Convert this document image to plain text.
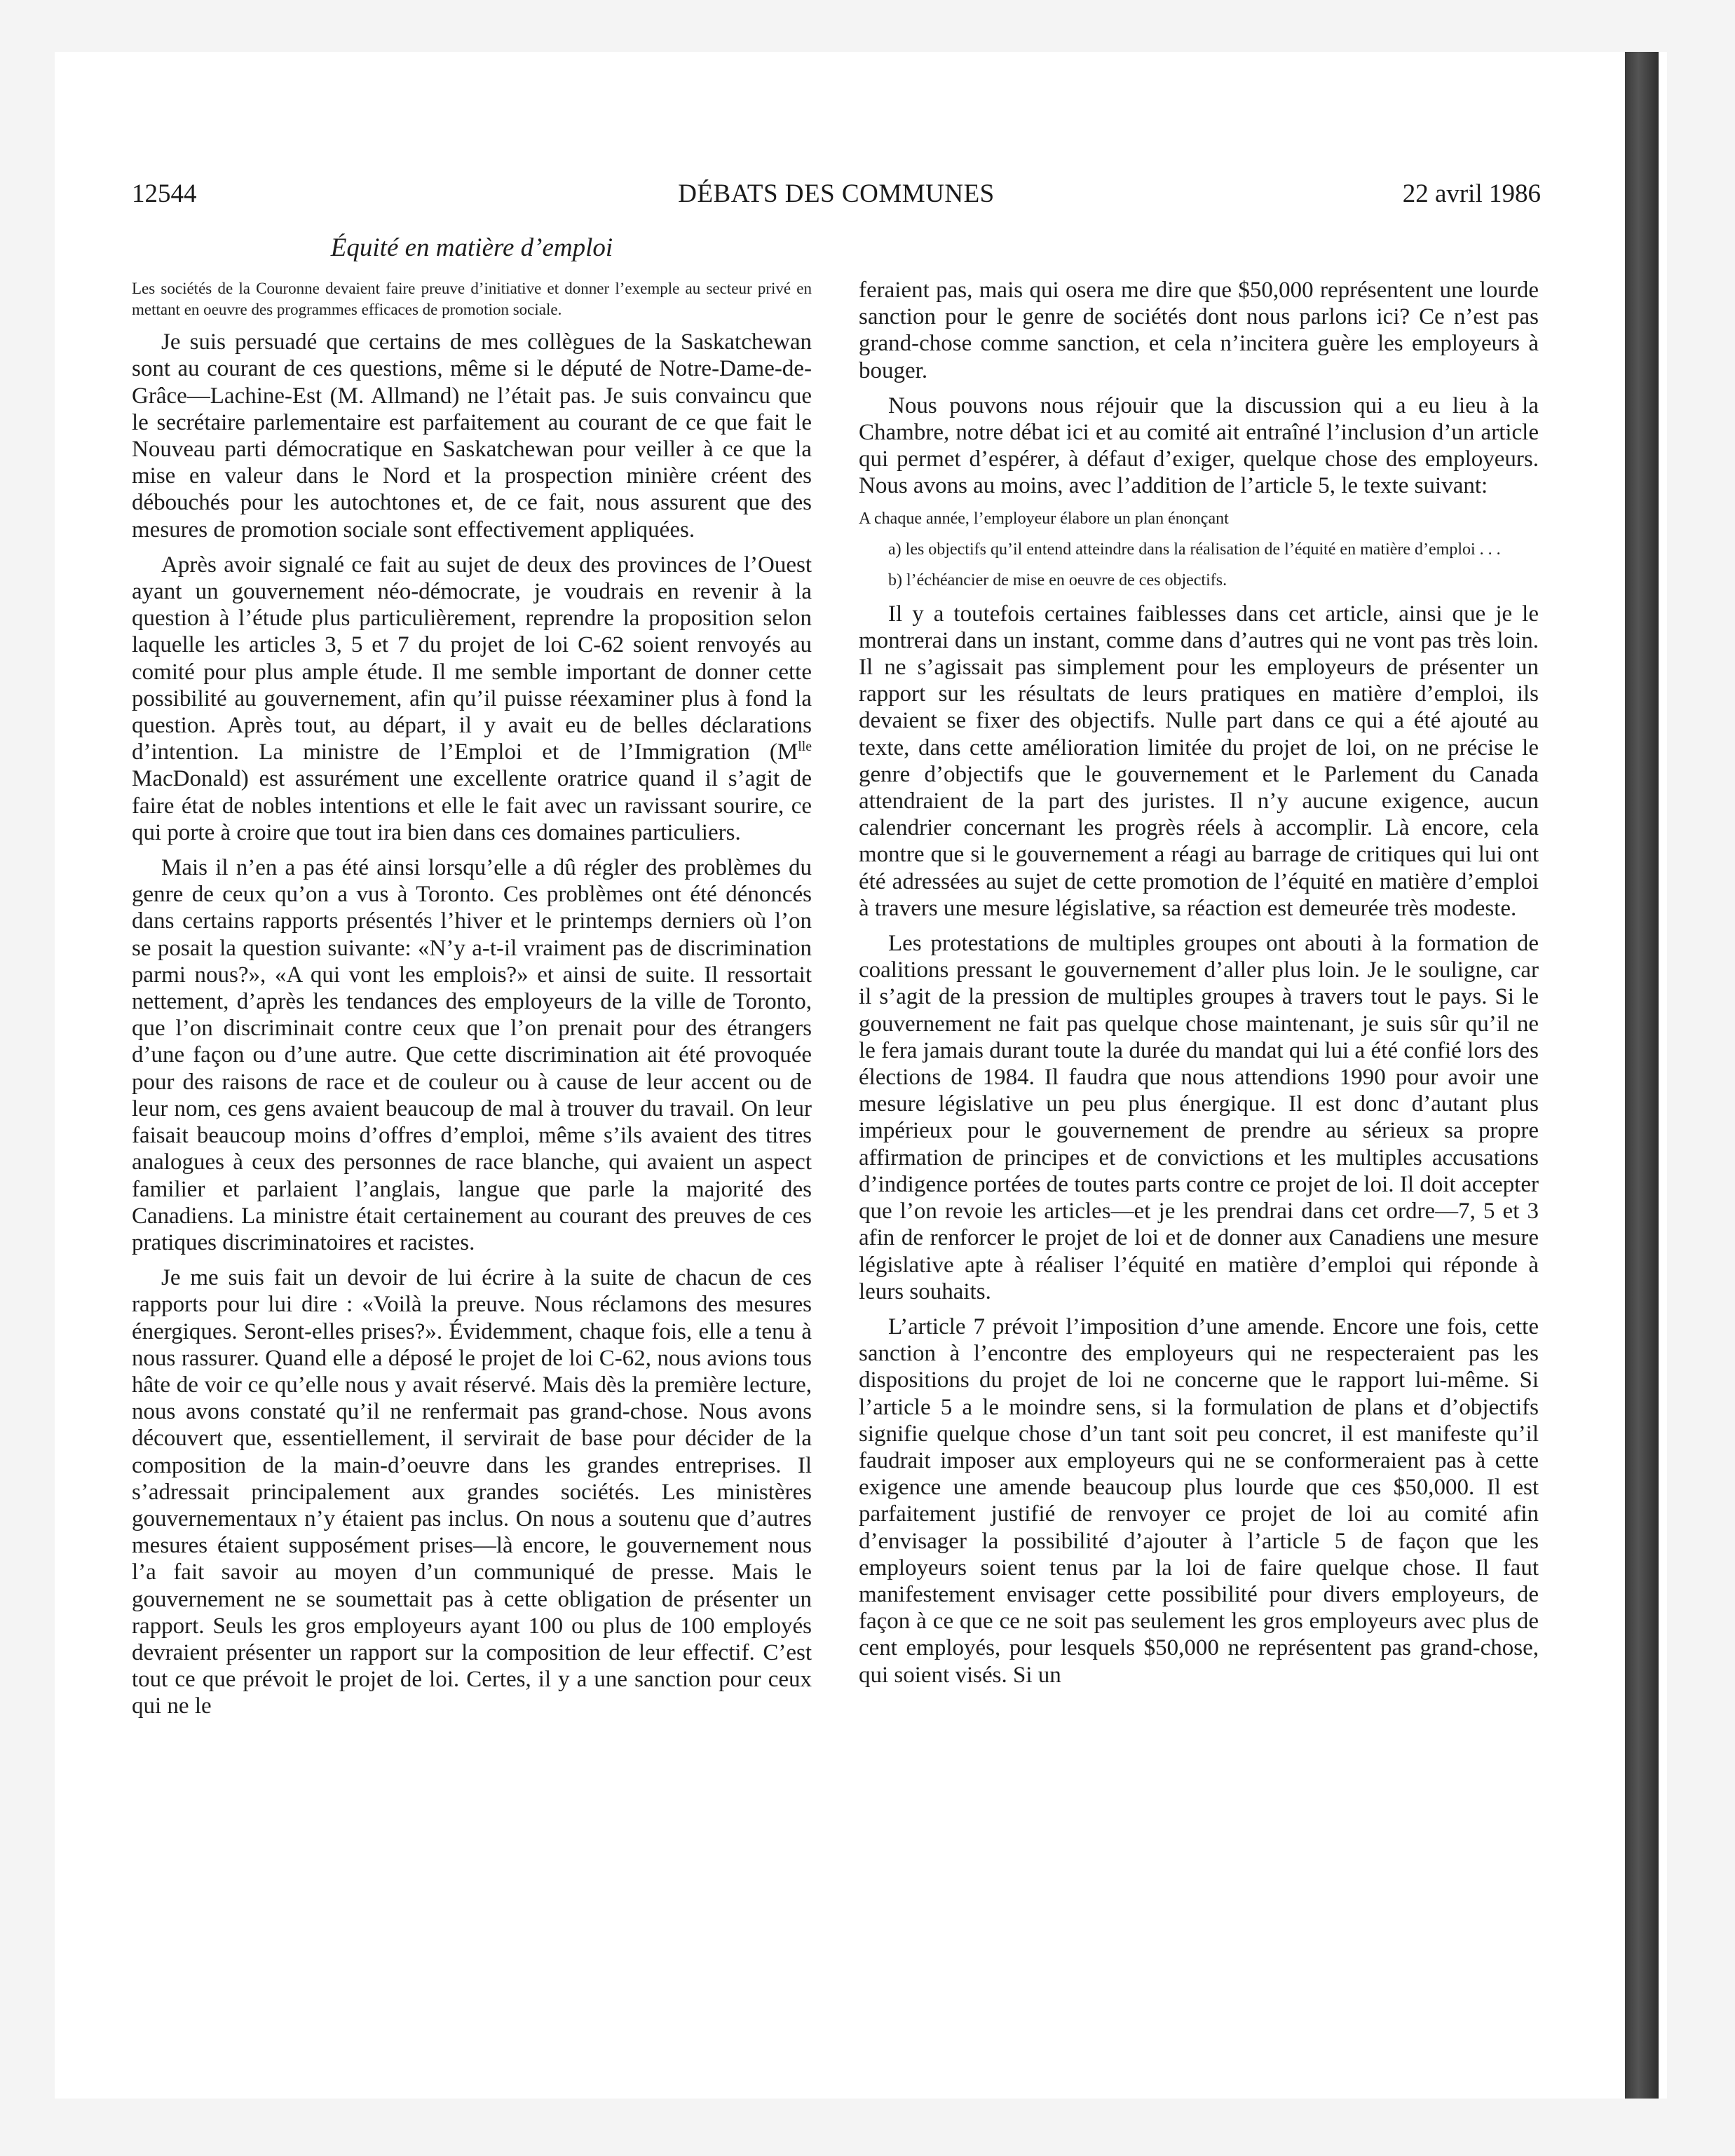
12544	DÉBATS DES COMMUNES	22 avril 1986
Équité en matière d’emploi
Les sociétés de la Couronne devaient faire preuve d’initiative et donner l’exemple au secteur privé en mettant en oeuvre des programmes efficaces de promotion sociale.

Je suis persuadé que certains de mes collègues de la Saskatchewan sont au courant de ces questions, même si le député de Notre-Dame-de-Grâce—Lachine-Est (M. Allmand) ne l’était pas. Je suis convaincu que le secrétaire parlementaire est parfaitement au courant de ce que fait le Nouveau parti démocratique en Saskatchewan pour veiller à ce que la mise en valeur dans le Nord et la prospection minière créent des débouchés pour les autochtones et, de ce fait, nous assurent que des mesures de promotion sociale sont effectivement appliquées.

Après avoir signalé ce fait au sujet de deux des provinces de l’Ouest ayant un gouvernement néo-démocrate, je voudrais en revenir à la question à l’étude plus particulièrement, reprendre la proposition selon laquelle les articles 3, 5 et 7 du projet de loi C-62 soient renvoyés au comité pour plus ample étude. Il me semble important de donner cette possibilité au gouvernement, afin qu’il puisse réexaminer plus à fond la question. Après tout, au départ, il y avait eu de belles déclarations d’intention. La ministre de l’Emploi et de l’Immigration ($M^{lle}$ MacDonald) est assurément une excellente oratrice quand il s’agit de faire état de nobles intentions et elle le fait avec un ravissant sourire, ce qui porte à croire que tout ira bien dans ces domaines particuliers.

Mais il n’en a pas été ainsi lorsqu’elle a dû régler des problèmes du genre de ceux qu’on a vus à Toronto. Ces problèmes ont été dénoncés dans certains rapports présentés l’hiver et le printemps derniers où l’on se posait la question suivante: «N’y a-t-il vraiment pas de discrimination parmi nous?», «A qui vont les emplois?» et ainsi de suite. Il ressortait nettement, d’après les tendances des employeurs de la ville de Toronto, que l’on discriminait contre ceux que l’on prenait pour des étrangers d’une façon ou d’une autre. Que cette discrimination ait été provoquée pour des raisons de race et de couleur ou à cause de leur accent ou de leur nom, ces gens avaient beaucoup de mal à trouver du travail. On leur faisait beaucoup moins d’offres d’emploi, même s’ils avaient des titres analogues à ceux des personnes de race blanche, qui avaient un aspect familier et parlaient l’anglais, langue que parle la majorité des Canadiens. La ministre était certainement au courant des preuves de ces pratiques discriminatoires et racistes.

Je me suis fait un devoir de lui écrire à la suite de chacun de ces rapports pour lui dire : «Voilà la preuve. Nous réclamons des mesures énergiques. Seront-elles prises?». Évidemment, chaque fois, elle a tenu à nous rassurer. Quand elle a déposé le projet de loi C-62, nous avions tous hâte de voir ce qu’elle nous y avait réservé. Mais dès la première lecture, nous avons constaté qu’il ne renfermait pas grand-chose. Nous avons découvert que, essentiellement, il servirait de base pour décider de la composition de la main-d’oeuvre dans les grandes entreprises. Il s’adressait principalement aux grandes sociétés. Les ministères gouvernementaux n’y étaient pas inclus. On nous a soutenu que d’autres mesures étaient supposément prises—là encore, le gouvernement nous l’a fait savoir au moyen d’un communiqué de presse. Mais le gouvernement ne se soumettait pas à cette obligation de présenter un rapport. Seuls les gros employeurs ayant 100 ou plus de 100 employés devraient présenter un rapport sur la composition de leur effectif. C’est tout ce que prévoit le projet de loi. Certes, il y a une sanction pour ceux qui ne le

feraient pas, mais qui osera me dire que $50,000 représentent une lourde sanction pour le genre de sociétés dont nous parlons ici? Ce n’est pas grand-chose comme sanction, et cela n’incitera guère les employeurs à bouger.

Nous pouvons nous réjouir que la discussion qui a eu lieu à la Chambre, notre débat ici et au comité ait entraîné l’inclusion d’un article qui permet d’espérer, à défaut d’exiger, quelque chose des employeurs. Nous avons au moins, avec l’addition de l’article 5, le texte suivant:

A chaque année, l’employeur élabore un plan énonçant
a) les objectifs qu’il entend atteindre dans la réalisation de l’équité en matière d’emploi . . .
b) l’échéancier de mise en oeuvre de ces objectifs.

Il y a toutefois certaines faiblesses dans cet article, ainsi que je le montrerai dans un instant, comme dans d’autres qui ne vont pas très loin. Il ne s’agissait pas simplement pour les employeurs de présenter un rapport sur les résultats de leurs pratiques en matière d’emploi, ils devaient se fixer des objectifs. Nulle part dans ce qui a été ajouté au texte, dans cette amélioration limitée du projet de loi, on ne précise le genre d’objectifs que le gouvernement et le Parlement du Canada attendraient de la part des juristes. Il n’y aucune exigence, aucun calendrier concernant les progrès réels à accomplir. Là encore, cela montre que si le gouvernement a réagi au barrage de critiques qui lui ont été adressées au sujet de cette promotion de l’équité en matière d’emploi à travers une mesure législative, sa réaction est demeurée très modeste.

Les protestations de multiples groupes ont abouti à la formation de coalitions pressant le gouvernement d’aller plus loin. Je le souligne, car il s’agit de la pression de multiples groupes à travers tout le pays. Si le gouvernement ne fait pas quelque chose maintenant, je suis sûr qu’il ne le fera jamais durant toute la durée du mandat qui lui a été confié lors des élections de 1984. Il faudra que nous attendions 1990 pour avoir une mesure législative un peu plus énergique. Il est donc d’autant plus impérieux pour le gouvernement de prendre au sérieux sa propre affirmation de principes et de convictions et les multiples accusations d’indigence portées de toutes parts contre ce projet de loi. Il doit accepter que l’on revoie les articles—et je les prendrai dans cet ordre—7, 5 et 3 afin de renforcer le projet de loi et de donner aux Canadiens une mesure législative apte à réaliser l’équité en matière d’emploi qui réponde à leurs souhaits.

L’article 7 prévoit l’imposition d’une amende. Encore une fois, cette sanction à l’encontre des employeurs qui ne respecteraient pas les dispositions du projet de loi ne concerne que le rapport lui-même. Si l’article 5 a le moindre sens, si la formulation de plans et d’objectifs signifie quelque chose d’un tant soit peu concret, il est manifeste qu’il faudrait imposer aux employeurs qui ne se conformeraient pas à cette exigence une amende beaucoup plus lourde que ces $50,000. Il est parfaitement justifié de renvoyer ce projet de loi au comité afin d’envisager la possibilité d’ajouter à l’article 5 de façon que les employeurs soient tenus par la loi de faire quelque chose. Il faut manifestement envisager cette possibilité pour divers employeurs, de façon à ce que ce ne soit pas seulement les gros employeurs avec plus de cent employés, pour lesquels $50,000 ne représentent pas grand-chose, qui soient visés. Si un
